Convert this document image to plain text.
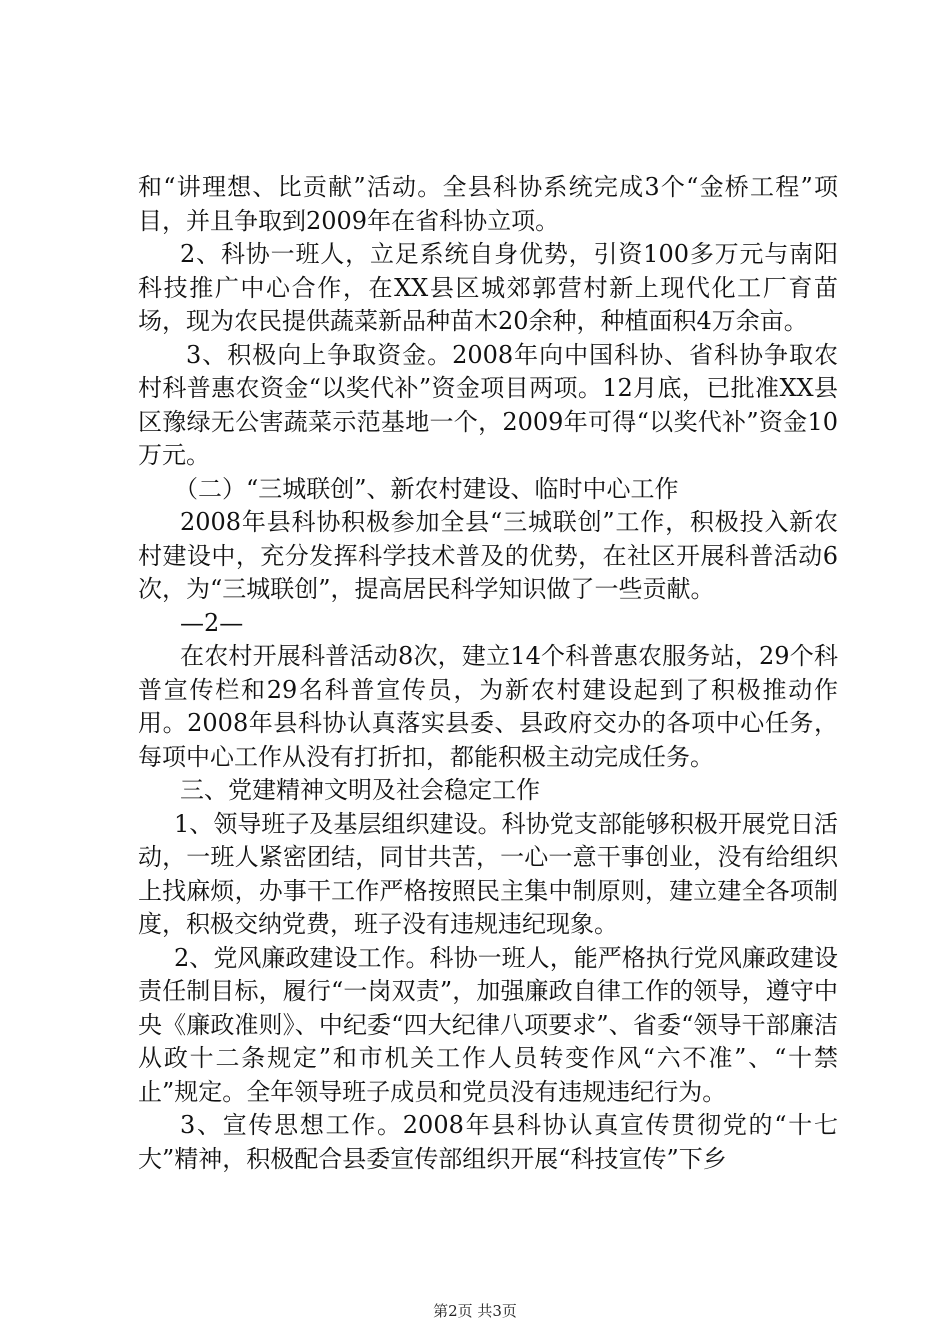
和“讲理想、比贡献”活动。全县科协系统完成3个“金桥工程”项目，并且争取到2009年在省科协立项。

2、科协一班人，立足系统自身优势，引资100多万元与南阳科技推广中心合作，在XX县区城郊郭营村新上现代化工厂育苗场，现为农民提供蔬菜新品种苗木20余种，种植面积4万余亩。

3、积极向上争取资金。2008年向中国科协、省科协争取农村科普惠农资金“以奖代补”资金项目两项。12月底，已批准XX县区豫绿无公害蔬菜示范基地一个，2009年可得“以奖代补”资金10万元。

（二）“三城联创”、新农村建设、临时中心工作

2008年县科协积极参加全县“三城联创”工作，积极投入新农村建设中，充分发挥科学技术普及的优势，在社区开展科普活动6次，为“三城联创”，提高居民科学知识做了一些贡献。

—2—

在农村开展科普活动8次，建立14个科普惠农服务站，29个科普宣传栏和29名科普宣传员，为新农村建设起到了积极推动作用。2008年县科协认真落实县委、县政府交办的各项中心任务，每项中心工作从没有打折扣，都能积极主动完成任务。

三、党建精神文明及社会稳定工作

1、领导班子及基层组织建设。科协党支部能够积极开展党日活动，一班人紧密团结，同甘共苦，一心一意干事创业，没有给组织上找麻烦，办事干工作严格按照民主集中制原则，建立建全各项制度，积极交纳党费，班子没有违规违纪现象。

2、党风廉政建设工作。科协一班人，能严格执行党风廉政建设责任制目标，履行“一岗双责”，加强廉政自律工作的领导，遵守中央《廉政准则》、中纪委“四大纪律八项要求”、省委“领导干部廉洁从政十二条规定”和市机关工作人员转变作风“六不准”、“十禁止”规定。全年领导班子成员和党员没有违规违纪行为。

3、宣传思想工作。2008年县科协认真宣传贯彻党的“十七大”精神，积极配合县委宣传部组织开展“科技宣传”下乡

第2页 共3页
